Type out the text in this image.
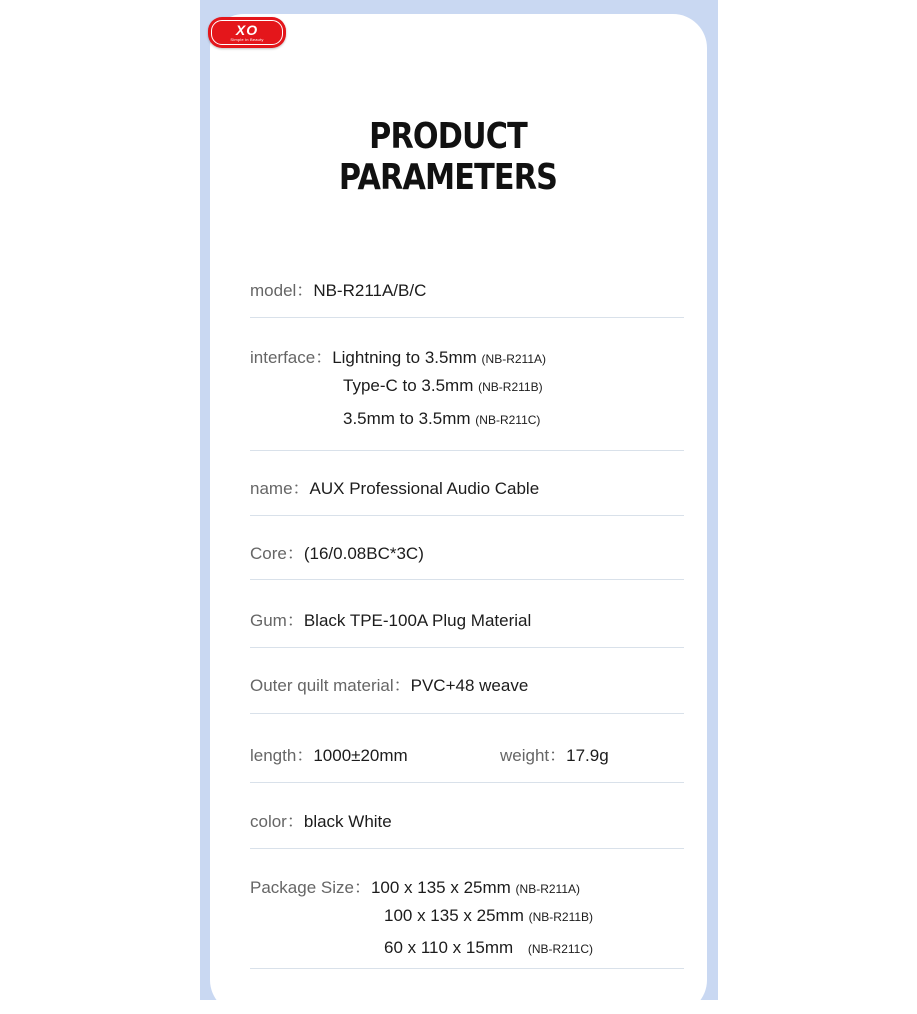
XO
Simple in Beauty
PRODUCT PARAMETERS
model：NB-R211A/B/C
interface：Lightning to 3.5mm (NB-R211A)
Type-C to 3.5mm (NB-R211B)
3.5mm to 3.5mm (NB-R211C)
name：AUX Professional Audio Cable
Core：(16/0.08BC*3C)
Gum：Black TPE-100A Plug Material
Outer quilt material：PVC+48 weave
length：1000±20mm	weight：17.9g
color：black White
Package Size：100 x 135 x 25mm (NB-R211A)
100 x 135 x 25mm (NB-R211B)
60 x 110 x 15mm (NB-R211C)
